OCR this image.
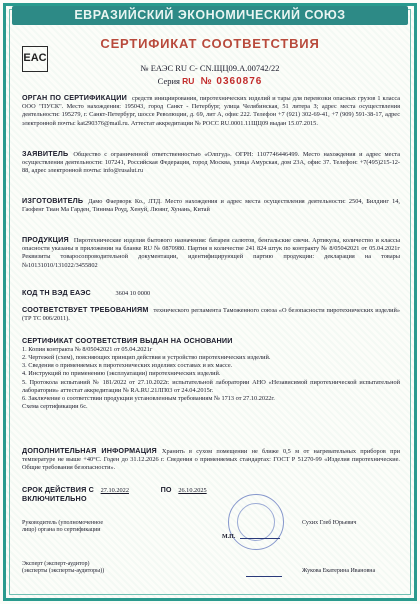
ЕВРАЗИЙСКИЙ ЭКОНОМИЧЕСКИЙ СОЮЗ
СЕРТИФИКАТ СООТВЕТСТВИЯ
EAC
№ ЕАЭС RU С- CN.ЩЦ09.А.00742/22
Серия RU № 0360876
ОРГАН ПО СЕРТИФИКАЦИИ средств инициирования, пиротехнических изделий и тары для перевозки опасных грузов 1 класса ООО "ПУСК". Место нахождения: 195043, город Санкт - Петербург, улица Челябинская, 51 литера З; адрес места осуществления деятельности: 195279, г. Санкт-Петербург, шоссе Революции, д. 69, лит А, офис 222. Телефон +7 (921) 302-69-41, +7 (909) 591-38-17, адрес электронной почты: kat290376@mail.ru. Аттестат аккредитации № РОСС RU.0001.11ЩЦ09 выдан 15.07.2015.
ЗАЯВИТЕЛЬ Общество с ограниченной ответственностью «Олпгуд». ОГРН: 1107746446499. Место нахождения и адрес места осуществления деятельности: 107241, Российская Федерация, город Москва, улица Амурская, дом 23А, офис 37. Телефон: +7(495)215-12-88, адрес электронной почты: info@rusalut.ru
ИЗГОТОВИТЕЛЬ Дамо Фаерворк Ко., ЛТД. Место нахождения и адрес места осуществления деятельности: 2504, Билдинг 14, Гаофенг Тиан Ма Гарден, Тиннма Роуд, Хенуй, Люянг, Хунань, Китай
ПРОДУКЦИЯ Пиротехнические изделия бытового назначения: батареи салютов, бенгальские свечи. Артикулы, количество и классы опасности указаны в приложении на бланке RU № 0870980. Партия в количестве 241 824 штук по контракту № 8/05042021 от 05.04.2021г Реквизиты товаросопроводительной документации, идентифицирующей партию продукции: декларация на товары №10131010/131022/3455802
КОД ТН ВЭД ЕАЭС	3604 10 0000
СООТВЕТСТВУЕТ ТРЕБОВАНИЯМ технического регламента Таможенного союза «О безопасности пиротехнических изделий» (ТР ТС 006/2011).
СЕРТИФИКАТ СООТВЕТСТВИЯ ВЫДАН НА ОСНОВАНИИ
1. Копия контракта № 8/05042021 от 05.04.2021г
2. Чертежей (схем), поясняющих принцип действия и устройство пиротехнических изделий.
3. Сведения о применяемых в пиротехнических изделиях составах и их массе.
4. Инструкций по применению (эксплуатации) пиротехнических изделий.
5. Протокола испытаний № 181/2022 от 27.10.2022г. испытательной лаборатории АНО «Независимой пиротехнической испытательной лаборатории» аттестат аккредитации № RA.RU.21ЛП03 от 24.04.2015г.
6. Заключение о соответствии продукции установленным требованиям № 1713 от 27.10.2022г.
Схема сертификации 6с.
ДОПОЛНИТЕЛЬНАЯ ИНФОРМАЦИЯ Хранить в сухом помещении не ближе 0,5 м от нагревательных приборов при температуре не выше +40°С. Годен до 31.12.2026 г. Сведения о применяемых стандартах: ГОСТ Р 51270-99 «Изделия пиротехнические. Общие требования безопасности».
СРОК ДЕЙСТВИЯ С 27.10.2022	ПО 26.10.2025
ВКЛЮЧИТЕЛЬНО
Руководитель (уполномоченное
лицо) органа по сертификации
Сухих Глеб Юрьевич
М.П.
Эксперт (эксперт-аудитор)
(эксперты (эксперты-аудиторы))	Жукова Екатерина Ивановна
